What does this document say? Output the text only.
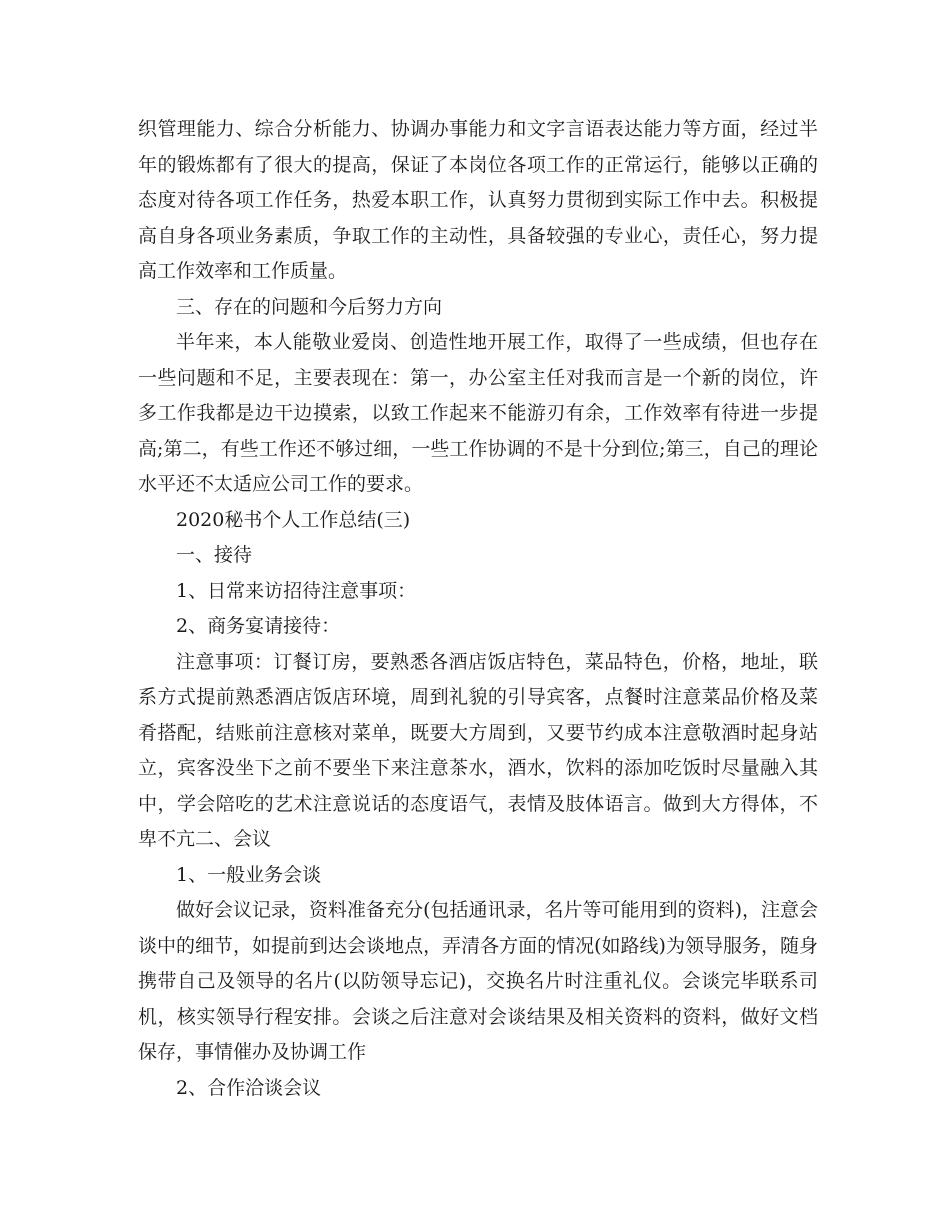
织管理能力、综合分析能力、协调办事能力和文字言语表达能力等方面，经过半年的锻炼都有了很大的提高，保证了本岗位各项工作的正常运行，能够以正确的态度对待各项工作任务，热爱本职工作，认真努力贯彻到实际工作中去。积极提高自身各项业务素质，争取工作的主动性，具备较强的专业心，责任心，努力提高工作效率和工作质量。

三、存在的问题和今后努力方向

半年来，本人能敬业爱岗、创造性地开展工作，取得了一些成绩，但也存在一些问题和不足，主要表现在：第一，办公室主任对我而言是一个新的岗位，许多工作我都是边干边摸索，以致工作起来不能游刃有余，工作效率有待进一步提高;第二，有些工作还不够过细，一些工作协调的不是十分到位;第三，自己的理论水平还不太适应公司工作的要求。

2020秘书个人工作总结(三)

一、接待

1、日常来访招待注意事项：

2、商务宴请接待：

注意事项：订餐订房，要熟悉各酒店饭店特色，菜品特色，价格，地址，联系方式提前熟悉酒店饭店环境，周到礼貌的引导宾客，点餐时注意菜品价格及菜肴搭配，结账前注意核对菜单，既要大方周到，又要节约成本注意敬酒时起身站立，宾客没坐下之前不要坐下来注意茶水，酒水，饮料的添加吃饭时尽量融入其中，学会陪吃的艺术注意说话的态度语气，表情及肢体语言。做到大方得体，不卑不亢二、会议

1、一般业务会谈

做好会议记录，资料准备充分(包括通讯录，名片等可能用到的资料)，注意会谈中的细节，如提前到达会谈地点，弄清各方面的情况(如路线)为领导服务，随身携带自己及领导的名片(以防领导忘记)，交换名片时注重礼仪。会谈完毕联系司机，核实领导行程安排。会谈之后注意对会谈结果及相关资料的资料，做好文档保存，事情催办及协调工作

2、合作洽谈会议
